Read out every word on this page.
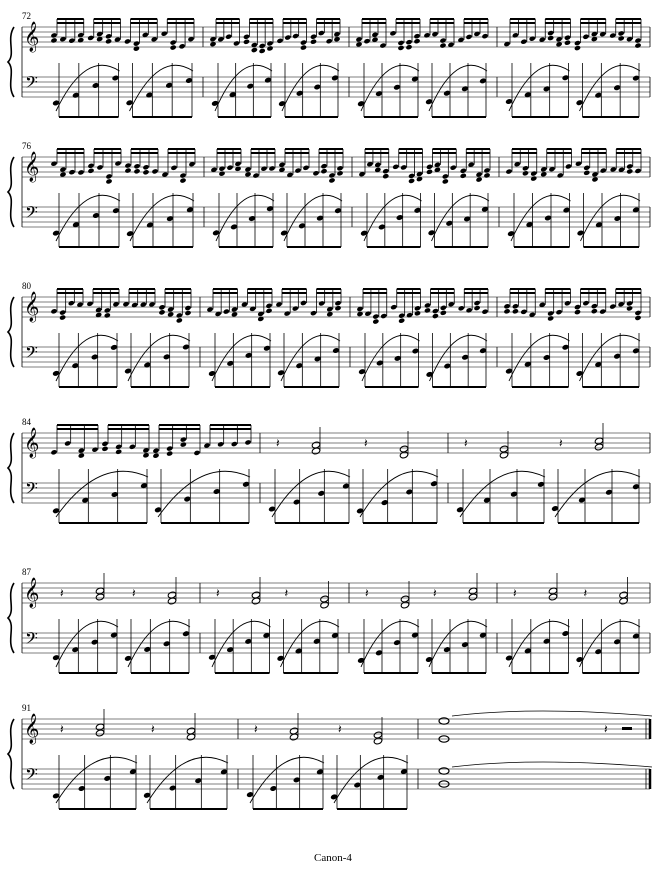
𝄞
𝄢
72
𝄞
𝄢
76
𝄞
𝄢
80
𝄞
𝄢
84
𝄽	𝄽	𝄽	𝄽
𝄞
𝄢
87
𝄽	𝄽	𝄽	𝄽	𝄽	𝄽	𝄽	𝄽
𝄞
𝄢
91
𝄽	𝄽	𝄽	𝄽	𝄽
Canon-4
